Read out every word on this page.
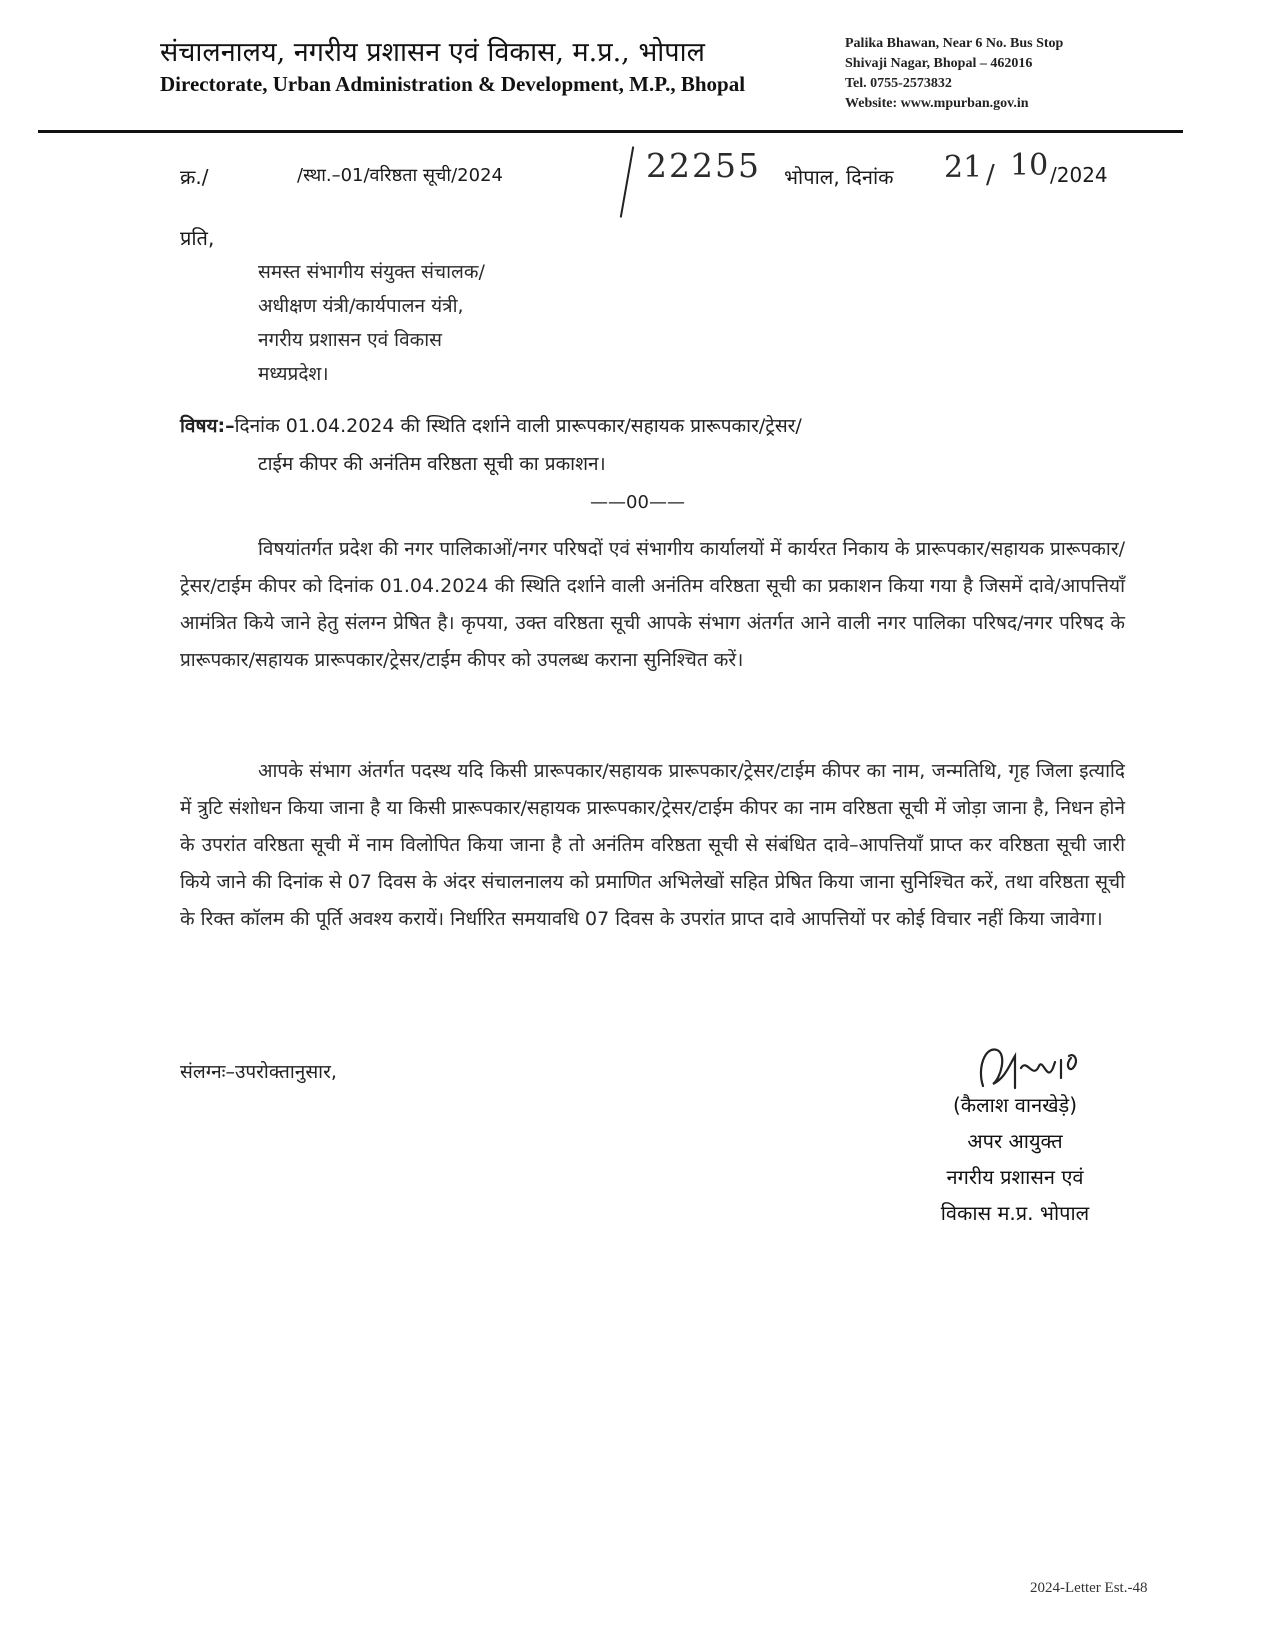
संचालनालय, नगरीय प्रशासन एवं विकास, म.प्र., भोपाल
Directorate, Urban Administration & Development, M.P., Bhopal
Palika Bhawan, Near 6 No. Bus Stop
Shivaji Nagar, Bhopal – 462016
Tel. 0755-2573832
Website: www.mpurban.gov.in
क्र./	/स्था.–01/वरिष्ठता सूची/2024	22255 भोपाल, दिनांक 21 / 10 /2024
प्रति,
समस्त संभागीय संयुक्त संचालक/
अधीक्षण यंत्री/कार्यपालन यंत्री,
नगरीय प्रशासन एवं विकास
मध्यप्रदेश।
विषय:–दिनांक 01.04.2024 की स्थिति दर्शाने वाली प्रारूपकार/सहायक प्रारूपकार/ट्रेसर/
टाईम कीपर की अनंतिम वरिष्ठता सूची का प्रकाशन।
——00——
विषयांतर्गत प्रदेश की नगर पालिकाओं/नगर परिषदों एवं संभागीय कार्यालयों में कार्यरत निकाय के प्रारूपकार/सहायक प्रारूपकार/ट्रेसर/टाईम कीपर को दिनांक 01.04.2024 की स्थिति दर्शाने वाली अनंतिम वरिष्ठता सूची का प्रकाशन किया गया है जिसमें दावे/आपत्तियॉं आमंत्रित किये जाने हेतु संलग्न प्रेषित है। कृपया, उक्त वरिष्ठता सूची आपके संभाग अंतर्गत आने वाली नगर पालिका परिषद/नगर परिषद के प्रारूपकार/सहायक प्रारूपकार/ट्रेसर/टाईम कीपर को उपलब्ध कराना सुनिश्चित करें।
आपके संभाग अंतर्गत पदस्थ यदि किसी प्रारूपकार/सहायक प्रारूपकार/ट्रेसर/टाईम कीपर का नाम, जन्मतिथि, गृह जिला इत्यादि में त्रुटि संशोधन किया जाना है या किसी प्रारूपकार/सहायक प्रारूपकार/ट्रेसर/टाईम कीपर का नाम वरिष्ठता सूची में जोड़ा जाना है, निधन होने के उपरांत वरिष्ठता सूची में नाम विलोपित किया जाना है तो अनंतिम वरिष्ठता सूची से संबंधित दावे–आपत्तियॉं प्राप्त कर वरिष्ठता सूची जारी किये जाने की दिनांक से 07 दिवस के अंदर संचालनालय को प्रमाणित अभिलेखों सहित प्रेषित किया जाना सुनिश्चित करें, तथा वरिष्ठता सूची के रिक्त कॉलम की पूर्ति अवश्य करायें। निर्धारित समयावधि 07 दिवस के उपरांत प्राप्त दावे आपत्तियों पर कोई विचार नहीं किया जावेगा।
संलग्नः–उपरोक्तानुसार,
(कैलाश वानखेड़े)
अपर आयुक्त
नगरीय प्रशासन एवं
विकास म.प्र. भोपाल
2024-Letter Est.-48
